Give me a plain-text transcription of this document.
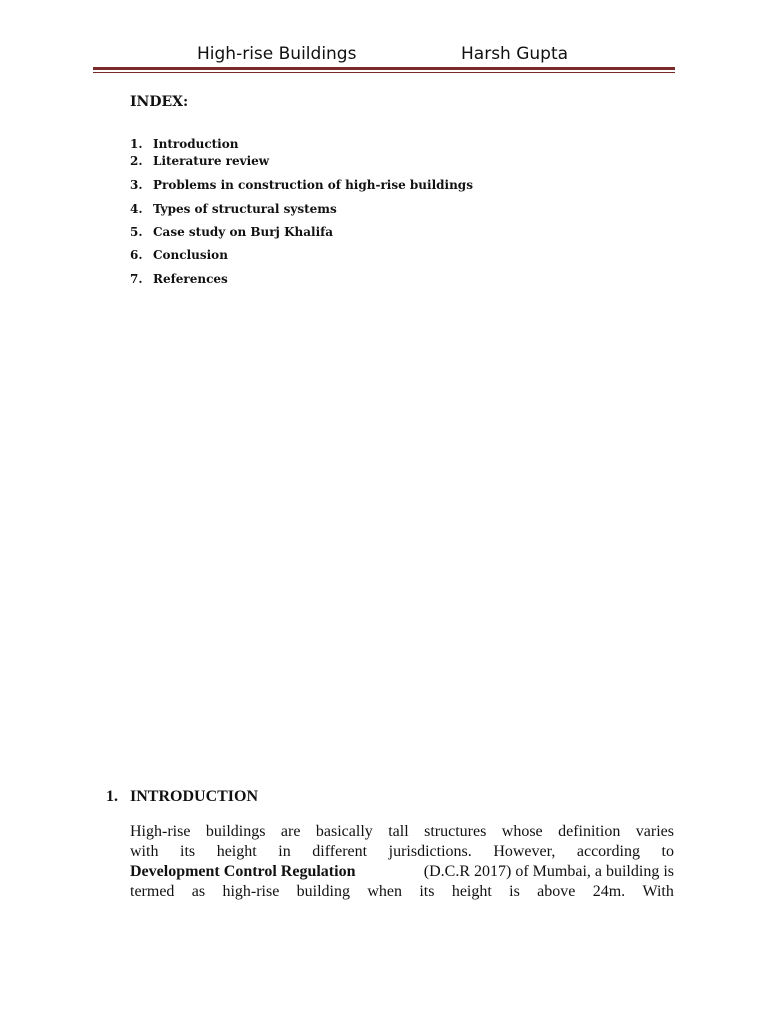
High-rise Buildings	Harsh Gupta
INDEX:
1. Introduction
2. Literature review
3. Problems in construction of high-rise buildings
4. Types of structural systems
5. Case study on Burj Khalifa
6. Conclusion
7. References
1. INTRODUCTION
High-rise buildings are basically tall structures whose definition varies
with its height in different jurisdictions. However, according to
Development Control Regulation	(D.C.R 2017) of Mumbai, a building is
termed as high-rise building when its height is above 24m. With
